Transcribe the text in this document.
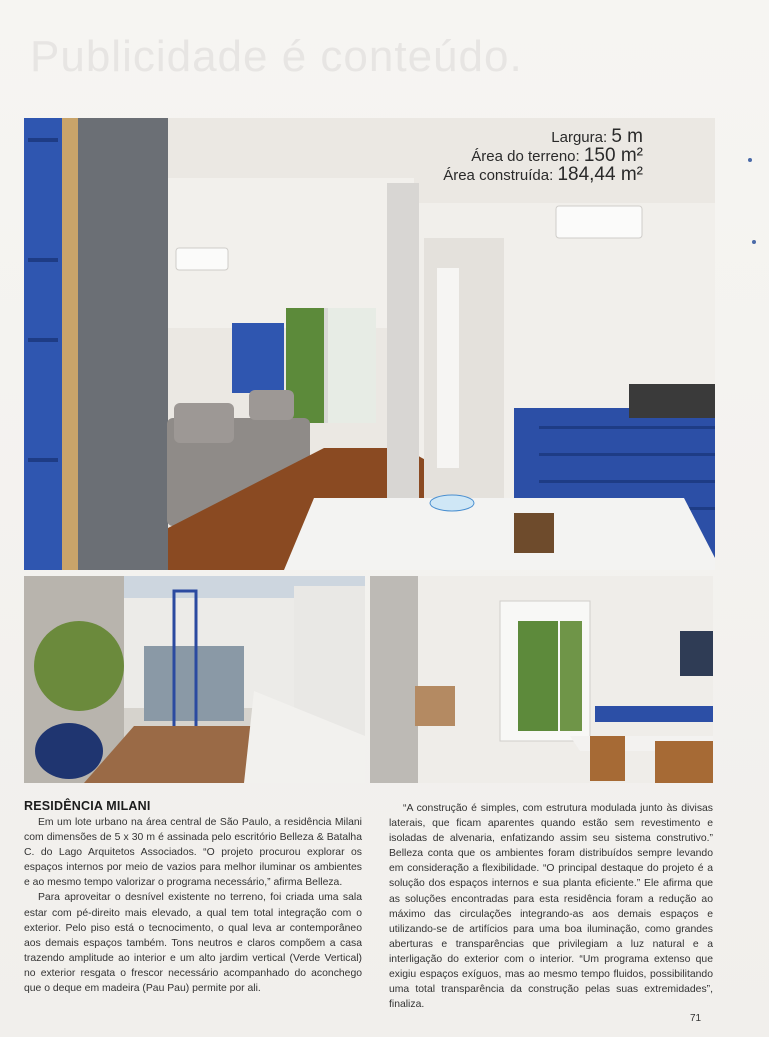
Publicidade é conteúdo.
Largura: 5 m
Área do terreno: 150 m²
Área construída: 184,44 m²
RESIDÊNCIA MILANI

Em um lote urbano na área central de São Paulo, a residência Milani com dimensões de 5 x 30 m é assinada pelo escritório Belleza & Batalha C. do Lago Arquitetos Associados. “O projeto procurou explorar os espaços internos por meio de vazios para melhor iluminar os ambientes e ao mesmo tempo valorizar o programa necessário,” afirma Belleza.

Para aproveitar o desnível existente no terreno, foi criada uma sala estar com pé-direito mais elevado, a qual tem total integração com o exterior. Pelo piso está o tecnocimento, o qual leva ar contemporâneo aos demais espaços também. Tons neutros e claros compõem a casa trazendo amplitude ao interior e um alto jardim vertical (Verde Vertical) no exterior resgata o frescor necessário acompanhado do aconchego que o deque em madeira (Pau Pau) permite por ali.

“A construção é simples, com estrutura modulada junto às divisas laterais, que ficam aparentes quando estão sem revestimento e isoladas de alvenaria, enfatizando assim seu sistema construtivo.” Belleza conta que os ambientes foram distribuídos sempre levando em consideração a flexibilidade. “O principal destaque do projeto é a solução dos espaços internos e sua planta eficiente.” Ele afirma que as soluções encontradas para esta residência foram a redução ao máximo das circulações integrando-as aos demais espaços e utilizando-se de artifícios para uma boa iluminação, como grandes aberturas e transparências que privilegiam a luz natural e a interligação do exterior com o interior. “Um programa extenso que exigiu espaços exíguos, mas ao mesmo tempo fluidos, possibilitando uma total transparência da construção pelas suas extremidades”, finaliza.

71
